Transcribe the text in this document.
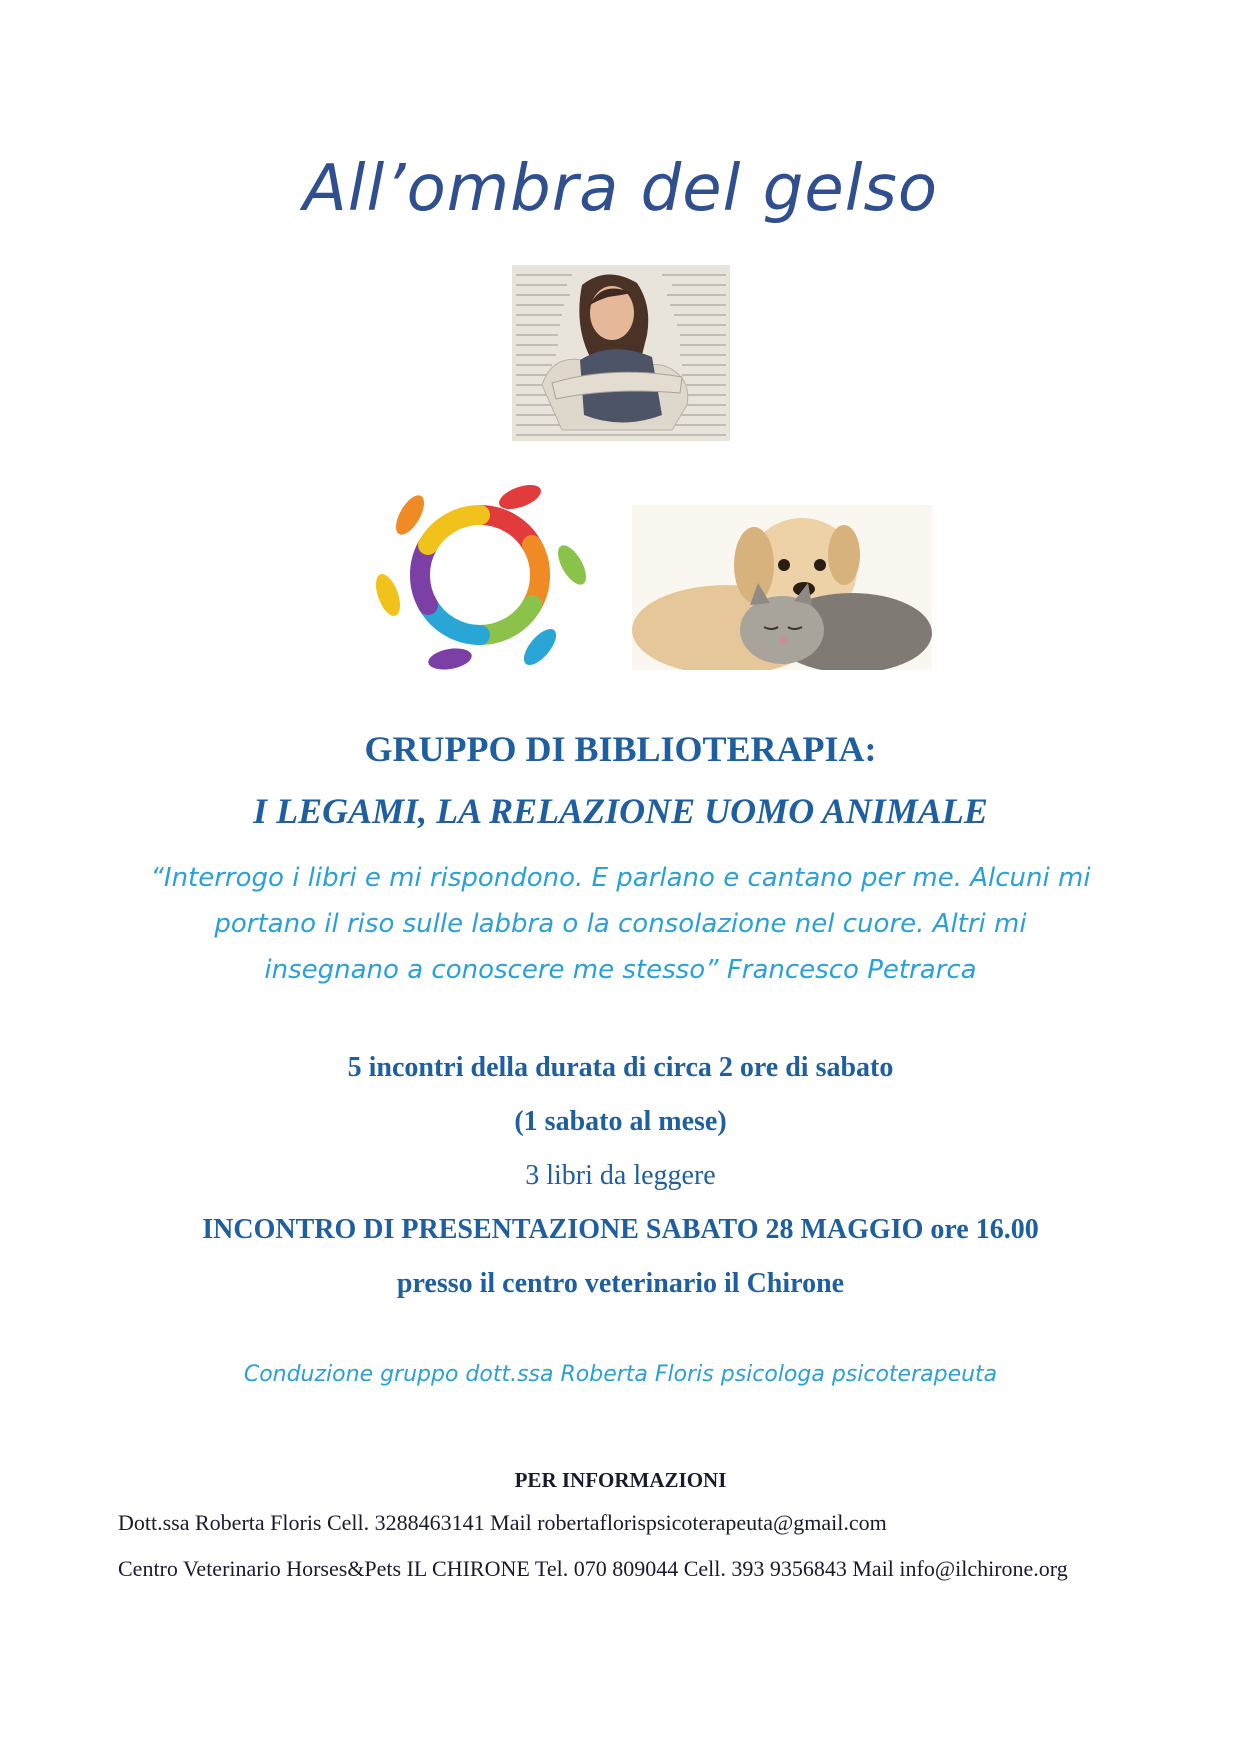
All’ombra del gelso
GRUPPO DI BIBLIOTERAPIA:
I LEGAMI, LA RELAZIONE UOMO ANIMALE
“Interrogo i libri e mi rispondono. E parlano e cantano per me. Alcuni mi
portano il riso sulle labbra o la consolazione nel cuore. Altri mi
insegnano a conoscere me stesso” Francesco Petrarca
5 incontri della durata di circa 2 ore di sabato
(1 sabato al mese)
3 libri da leggere
INCONTRO DI PRESENTAZIONE SABATO 28 MAGGIO ore 16.00
presso il centro veterinario il Chirone
Conduzione gruppo dott.ssa Roberta Floris psicologa psicoterapeuta
PER INFORMAZIONI
Dott.ssa Roberta Floris Cell. 3288463141 Mail robertaflorispsicoterapeuta@gmail.com
Centro Veterinario Horses&Pets IL CHIRONE Tel. 070 809044 Cell. 393 9356843 Mail info@ilchirone.org
